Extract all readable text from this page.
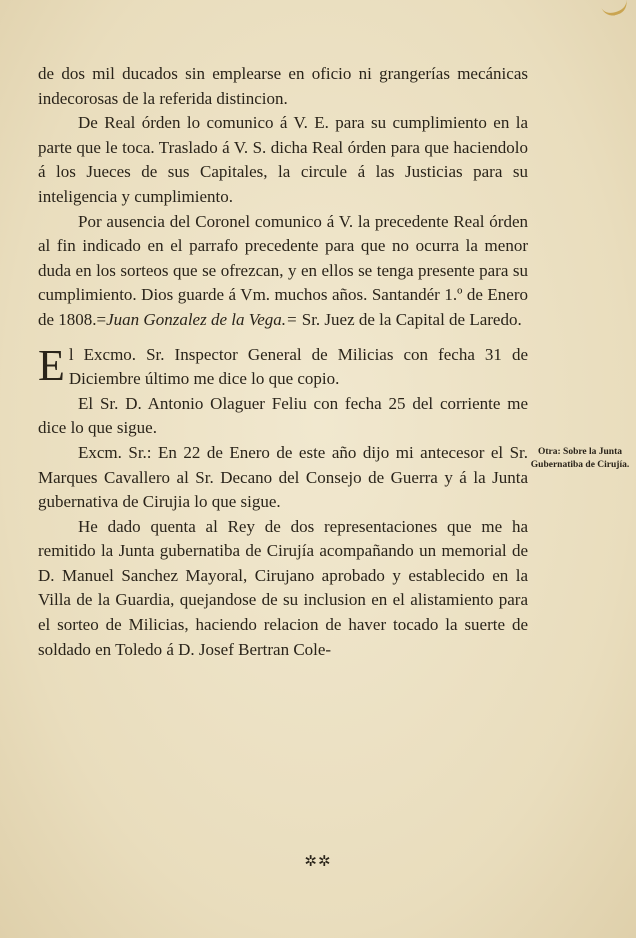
de dos mil ducados sin emplearse en oficio ni grangerías mecánicas indecorosas de la referida distincion.

De Real órden lo comunico á V. E. para su cumplimiento en la parte que le toca. Traslado á V. S. dicha Real órden para que haciendolo á los Jueces de sus Capitales, la circule á las Justicias para su inteligencia y cumplimiento.

Por ausencia del Coronel comunico á V. la precedente Real órden al fin indicado en el parrafo precedente para que no ocurra la menor duda en los sorteos que se ofrezcan, y en ellos se tenga presente para su cumplimiento. Dios guarde á Vm. muchos años. Santandér 1.º de Enero de 1808.=Juan Gonzalez de la Vega.= Sr. Juez de la Capital de Laredo.

El Excmo. Sr. Inspector General de Milicias con fecha 31 de Diciembre último me dice lo que copio.

El Sr. D. Antonio Olaguer Feliu con fecha 25 del corriente me dice lo que sigue.

Excm. Sr.: En 22 de Enero de este año dijo mi antecesor el Sr. Marques Cavallero al Sr. Decano del Consejo de Guerra y á la Junta gubernativa de Cirujia lo que sigue.

He dado quenta al Rey de dos representaciones que me ha remitido la Junta gubernatiba de Cirujía acompañando un memorial de D. Manuel Sanchez Mayoral, Cirujano aprobado y establecido en la Villa de la Guardia, quejandose de su inclusion en el alistamiento para el sorteo de Milicias, haciendo relacion de haver tocado la suerte de soldado en Toledo á D. Josef Bertran Cole-

Otra: Sobre la Junta Gubernatiba de Cirujía.
✲✲
